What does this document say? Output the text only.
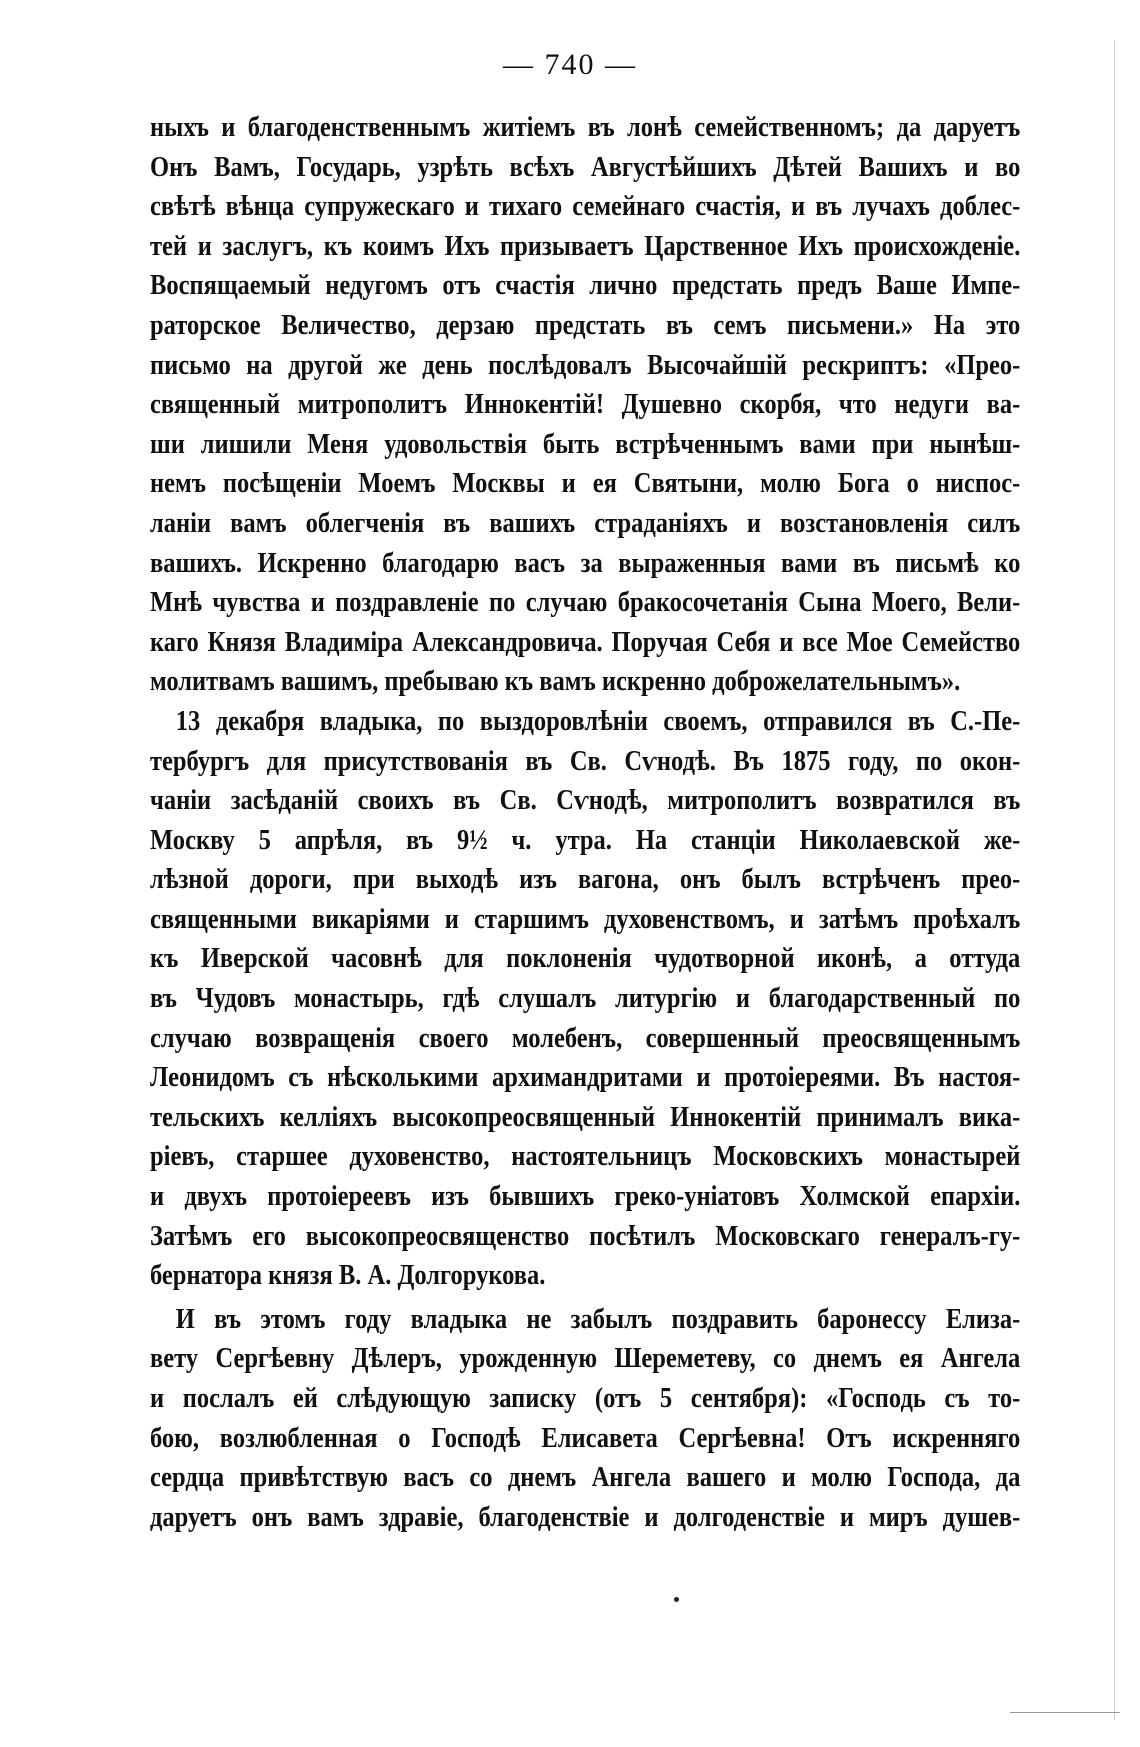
— 740 —
ныхъ и благоденственнымъ житіемъ въ лонѣ семейственномъ; да даруетъ
Онъ Вамъ, Государь, узрѣть всѣхъ Августѣйшихъ Дѣтей Вашихъ и во
свѣтѣ вѣнца супружескаго и тихаго семейнаго счастія, и въ лучахъ доблес-
тей и заслугъ, къ коимъ Ихъ призываетъ Царственное Ихъ происхожденіе.
Воспящаемый недугомъ отъ счастія лично предстать предъ Ваше Импе-
раторское Величество, дерзаю предстать въ семъ письмени.» На это
письмо на другой же день послѣдовалъ Высочайшій рескриптъ: «Прео-
священный митрополитъ Иннокентій! Душевно скорбя, что недуги ва-
ши лишили Меня удовольствія быть встрѣченнымъ вами при нынѣш-
немъ посѣщеніи Моемъ Москвы и ея Святыни, молю Бога о ниспос-
ланіи вамъ облегченія въ вашихъ страданіяхъ и возстановленія силъ
вашихъ. Искренно благодарю васъ за выраженныя вами въ письмѣ ко
Мнѣ чувства и поздравленіе по случаю бракосочетанія Сына Моего, Вели-
каго Князя Владиміра Александровича. Поручая Себя и все Мое Семейство
молитвамъ вашимъ, пребываю къ вамъ искренно доброжелательнымъ».
13 декабря владыка, по выздоровлѣніи своемъ, отправился въ С.-Пе-
тербургъ для присутствованія въ Св. Сѵнодѣ. Въ 1875 году, по окон-
чаніи засѣданій своихъ въ Св. Сѵнодѣ, митрополитъ возвратился въ
Москву 5 апрѣля, въ 9½ ч. утра. На станціи Николаевской же-
лѣзной дороги, при выходѣ изъ вагона, онъ былъ встрѣченъ прео-
священными викаріями и старшимъ духовенствомъ, и затѣмъ проѣхалъ
къ Иверской часовнѣ для поклоненія чудотворной иконѣ, а оттуда
въ Чудовъ монастырь, гдѣ слушалъ литургію и благодарственный по
случаю возвращенія своего молебенъ, совершенный преосвященнымъ
Леонидомъ съ нѣсколькими архимандритами и протоіереями. Въ настоя-
тельскихъ келліяхъ высокопреосвященный Иннокентій принималъ вика-
ріевъ, старшее духовенство, настоятельницъ Московскихъ монастырей
и двухъ протоіереевъ изъ бывшихъ греко-уніатовъ Холмской епархіи.
Затѣмъ его высокопреосвященство посѣтилъ Московскаго генералъ-гу-
бернатора князя В. А. Долгорукова.
И въ этомъ году владыка не забылъ поздравить баронессу Елиза-
вету Сергѣевну Дѣлеръ, урожденную Шереметеву, со днемъ ея Ангела
и послалъ ей слѣдующую записку (отъ 5 сентября): «Господь съ то-
бою, возлюбленная о Господѣ Елисавета Сергѣевна! Отъ искренняго
сердца привѣтствую васъ со днемъ Ангела вашего и молю Господа, да
даруетъ онъ вамъ здравіе, благоденствіе и долгоденствіе и миръ душев-
